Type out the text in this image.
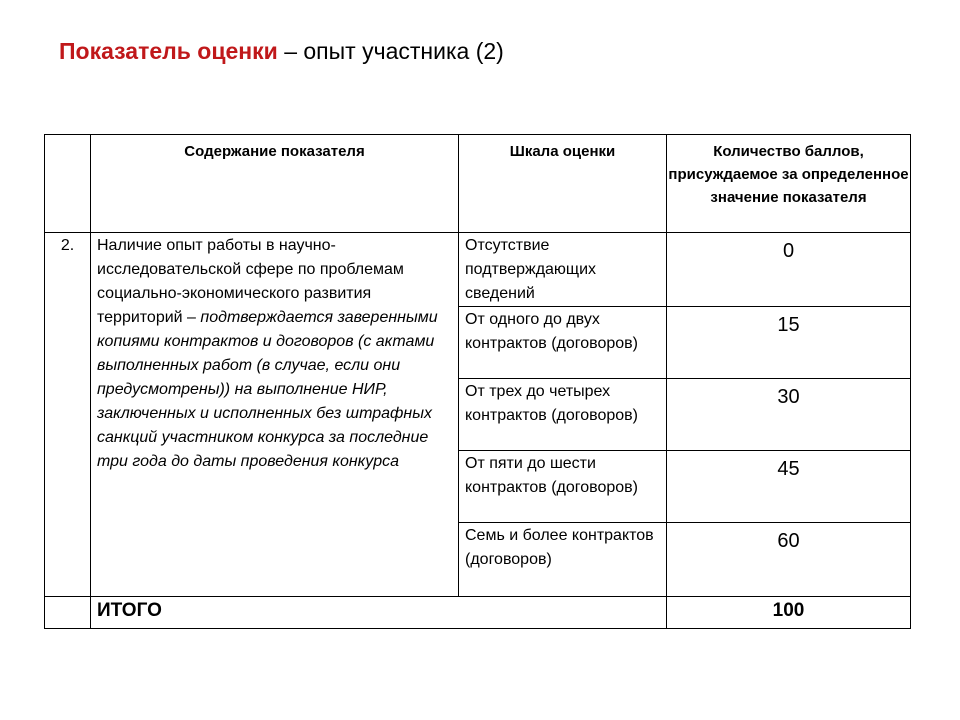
Показатель оценки – опыт участника (2)
	Содержание показателя	Шкала оценки	Количество баллов, присуждаемое за определенное значение показателя
2.	Наличие опыт работы в научно-исследовательской сфере по проблемам социально-экономического развития территорий – подтверждается заверенными копиями контрактов и договоров (с актами выполненных работ (в случае, если они предусмотрены)) на выполнение НИР, заключенных и исполненных без штрафных санкций участником конкурса за последние три года до даты проведения конкурса	Отсутствие подтверждающих сведений	0
		От одного до двух контрактов (договоров)	15
		От трех до четырех контрактов (договоров)	30
		От пяти до шести контрактов (договоров)	45
		Семь и более контрактов (договоров)	60
	ИТОГО		100
